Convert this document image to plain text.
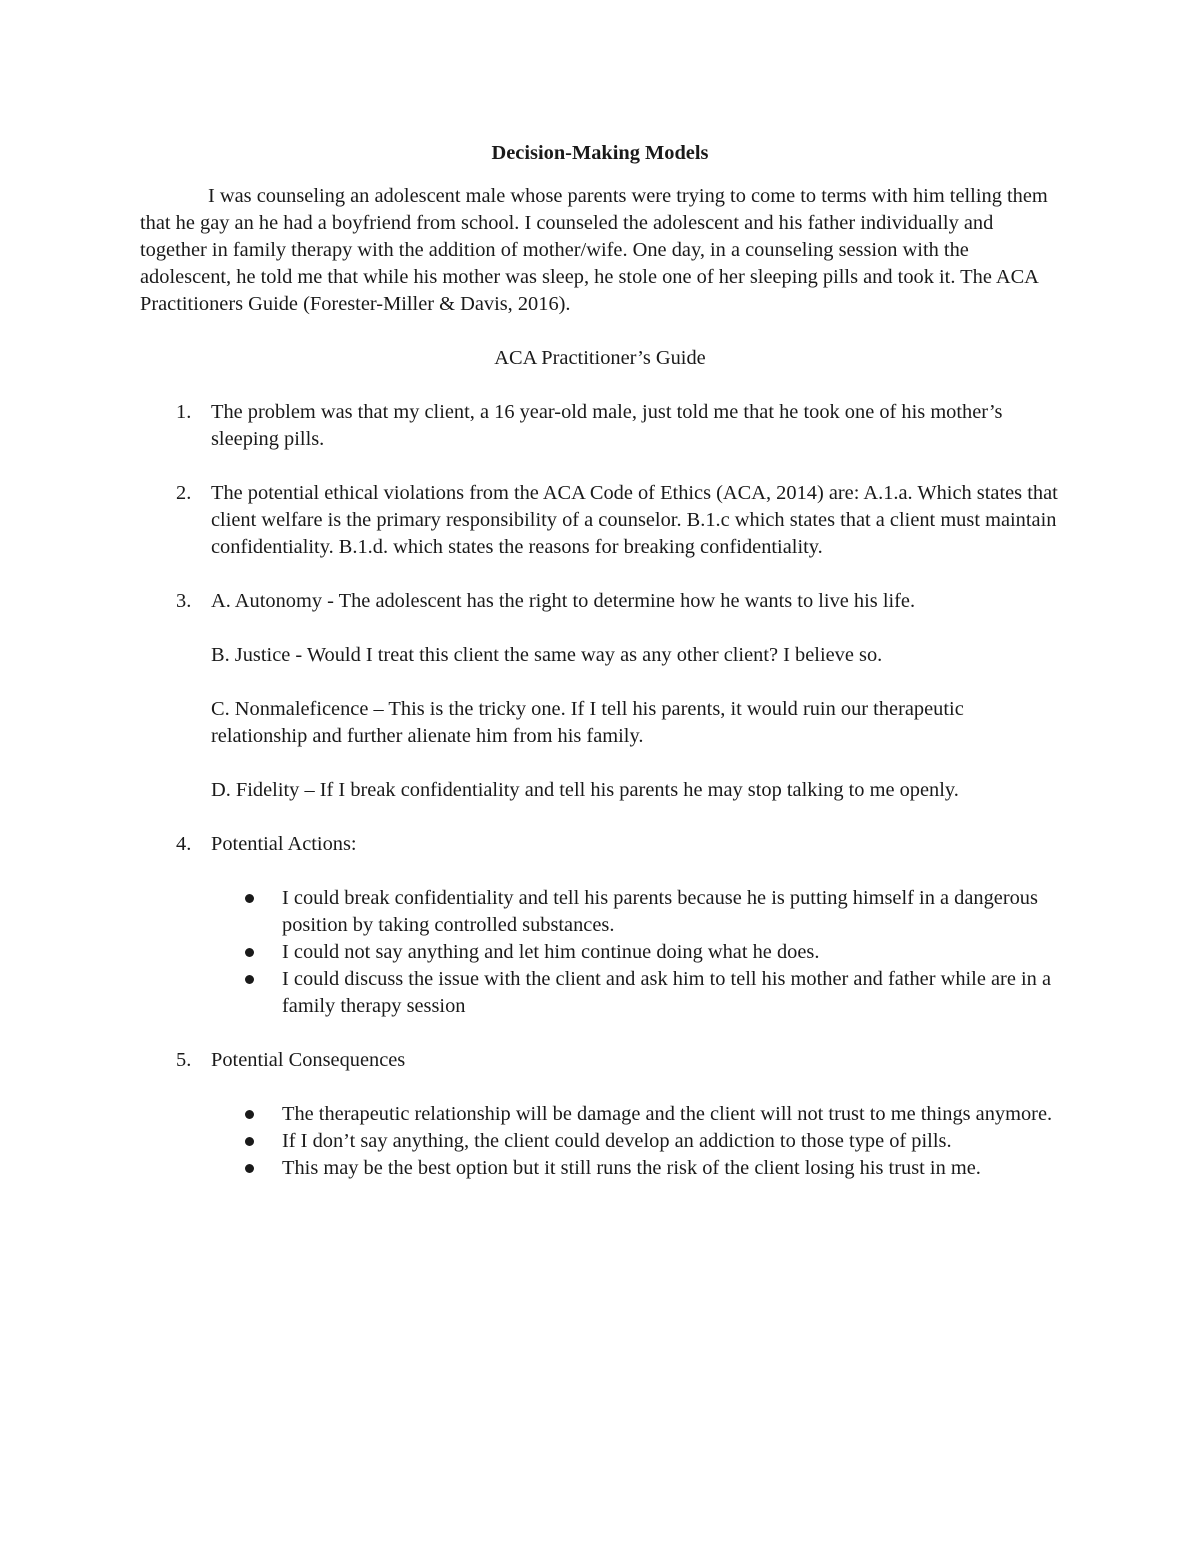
Decision-Making Models

I was counseling an adolescent male whose parents were trying to come to terms with him telling them that he gay an he had a boyfriend from school. I counseled the adolescent and his father individually and together in family therapy with the addition of mother/wife. One day, in a counseling session with the adolescent, he told me that while his mother was sleep, he stole one of her sleeping pills and took it. The ACA Practitioners Guide (Forester-Miller & Davis, 2016).

ACA Practitioner’s Guide

1. The problem was that my client, a 16 year-old male, just told me that he took one of his mother’s sleeping pills.

2. The potential ethical violations from the ACA Code of Ethics (ACA, 2014) are: A.1.a. Which states that client welfare is the primary responsibility of a counselor. B.1.c which states that a client must maintain confidentiality. B.1.d. which states the reasons for breaking confidentiality.

3. A. Autonomy - The adolescent has the right to determine how he wants to live his life.

B. Justice - Would I treat this client the same way as any other client? I believe so.

C. Nonmaleficence – This is the tricky one. If I tell his parents, it would ruin our therapeutic relationship and further alienate him from his family.

D. Fidelity – If I break confidentiality and tell his parents he may stop talking to me openly.

4. Potential Actions:

I could break confidentiality and tell his parents because he is putting himself in a dangerous position by taking controlled substances.
I could not say anything and let him continue doing what he does.
I could discuss the issue with the client and ask him to tell his mother and father while are in a family therapy session
5. Potential Consequences

The therapeutic relationship will be damage and the client will not trust to me things anymore.
If I don’t say anything, the client could develop an addiction to those type of pills.
This may be the best option but it still runs the risk of the client losing his trust in me.
